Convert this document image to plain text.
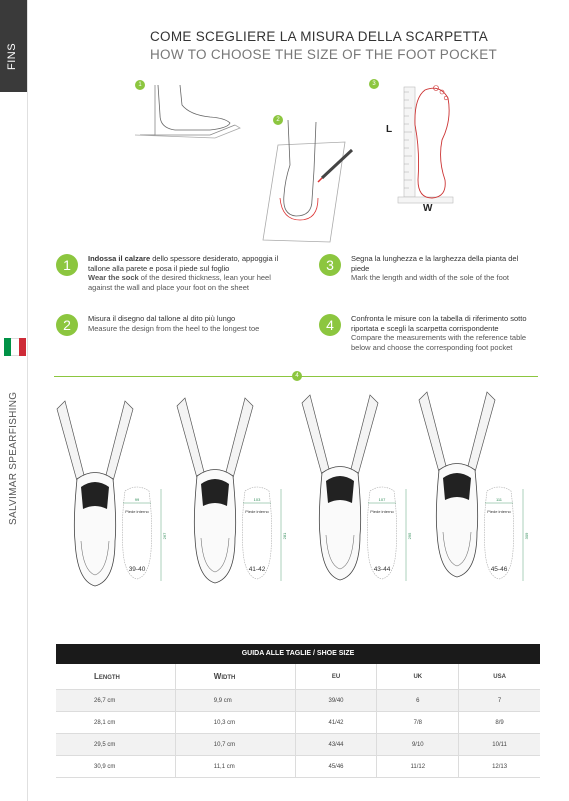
FINS
SALVIMAR SPEARFISHING
COME SCEGLIERE LA MISURA DELLA SCARPETTA
HOW TO CHOOSE THE SIZE OF THE FOOT POCKET
1
2
3
L
W
1	Indossa il calzare dello spessore desiderato, appoggia il tallone alla parete e posa il piede sul foglio
Wear the sock of the desired thickness, lean your heel against the wall and place your foot on the sheet
2	Misura il disegno dal tallone al dito più lungo
Measure the design from the heel to the longest toe
3	Segna la lunghezza e la larghezza della pianta del piede
Mark the length and width of the sole of the foot
4	Confronta le misure con la tabella di riferimento sotto riportata e scegli la scarpetta corrispondente
Compare the measurements with the reference table below and choose the corresponding foot pocket
4
99
267
Piede interno
39-40
103
281
Piede interno
41-42
107
295
Piede interno
43-44
111
309
Piede interno
45-46
GUIDA ALLE TAGLIE / SHOE SIZE
Length	Width	EU	UK	USA
26,7 cm	9,9 cm	39/40	6	7
28,1 cm	10,3 cm	41/42	7/8	8/9
29,5 cm	10,7 cm	43/44	9/10	10/11
30,9 cm	11,1 cm	45/46	11/12	12/13
